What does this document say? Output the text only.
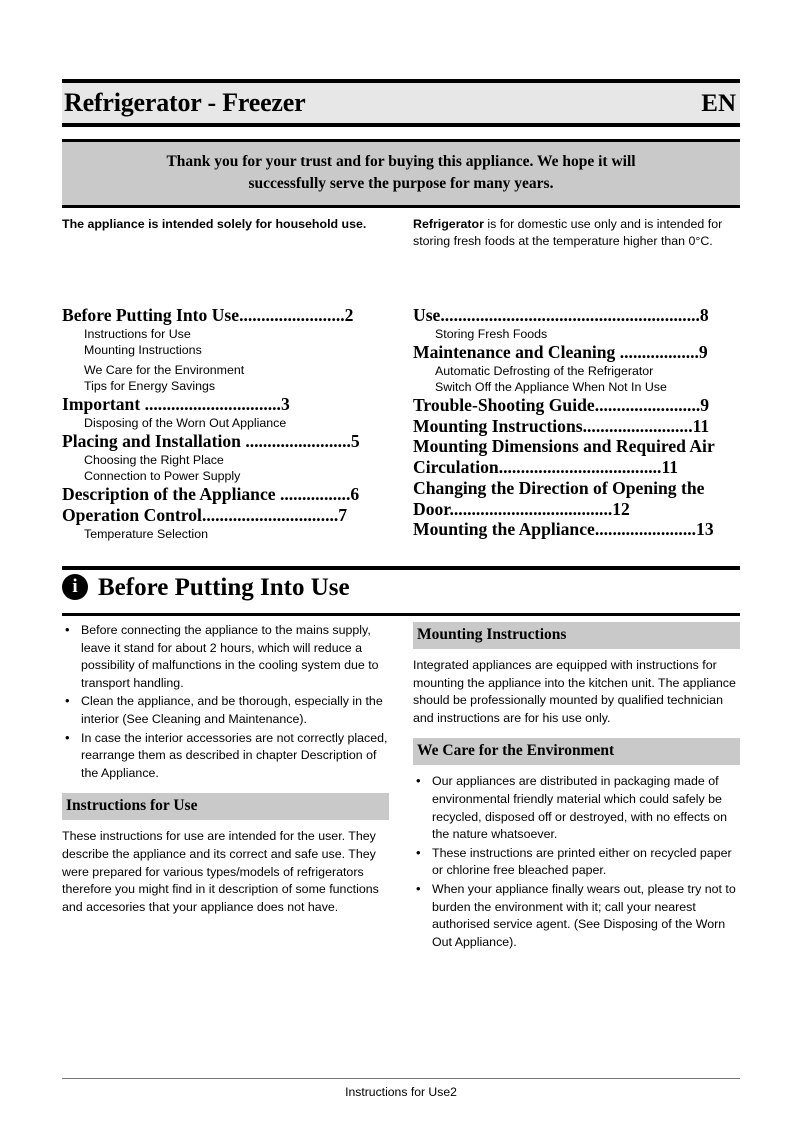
Refrigerator - Freezer	EN

Thank you for your trust and for buying this appliance. We hope it will

successfully serve the purpose for many years.

The appliance is intended solely for household use.	Refrigerator is for domestic use only and is intended for storing fresh foods at the temperature higher than 0°C.

Before Putting Into Use........................2
Instructions for Use
Mounting Instructions
We Care for the Environment
Tips for Energy Savings
Important ...............................3
Disposing of the Worn Out Appliance
Placing and Installation ........................5
Choosing the Right Place
Connection to Power Supply
Description of the Appliance ................6
Operation Control...............................7
Temperature Selection
Use...........................................................8
Storing Fresh Foods
Maintenance and Cleaning ..................9
Automatic Defrosting of the Refrigerator
Switch Off the Appliance When Not In Use
Trouble-Shooting Guide........................9
Mounting Instructions.........................11
Mounting Dimensions and Required Air Circulation.....................................11
Changing the Direction of Opening the Door.....................................12
Mounting the Appliance.......................13
i Before Putting Into Use
• Before connecting the appliance to the mains supply, leave it stand for about 2 hours, which will reduce a possibility of malfunctions in the cooling system due to transport handling.
• Clean the appliance, and be thorough, especially in the interior (See Cleaning and Maintenance).
• In case the interior accessories are not correctly placed, rearrange them as described in chapter Description of the Appliance.
Instructions for Use

These instructions for use are intended for the user. They describe the appliance and its correct and safe use. They were prepared for various types/models of refrigerators therefore you might find in it description of some functions and accesories that your appliance does not have.

Mounting Instructions

Integrated appliances are equipped with instructions for mounting the appliance into the kitchen unit. The appliance should be professionally mounted by qualified technician and instructions are for his use only.

We Care for the Environment
• Our appliances are distributed in packaging made of environmental friendly material which could safely be recycled, disposed off or destroyed, with no effects on the nature whatsoever.
• These instructions are printed either on recycled paper or chlorine free bleached paper.
• When your appliance finally wears out, please try not to burden the environment with it; call your nearest authorised service agent. (See Disposing of the Worn Out Appliance).
Instructions for Use2
